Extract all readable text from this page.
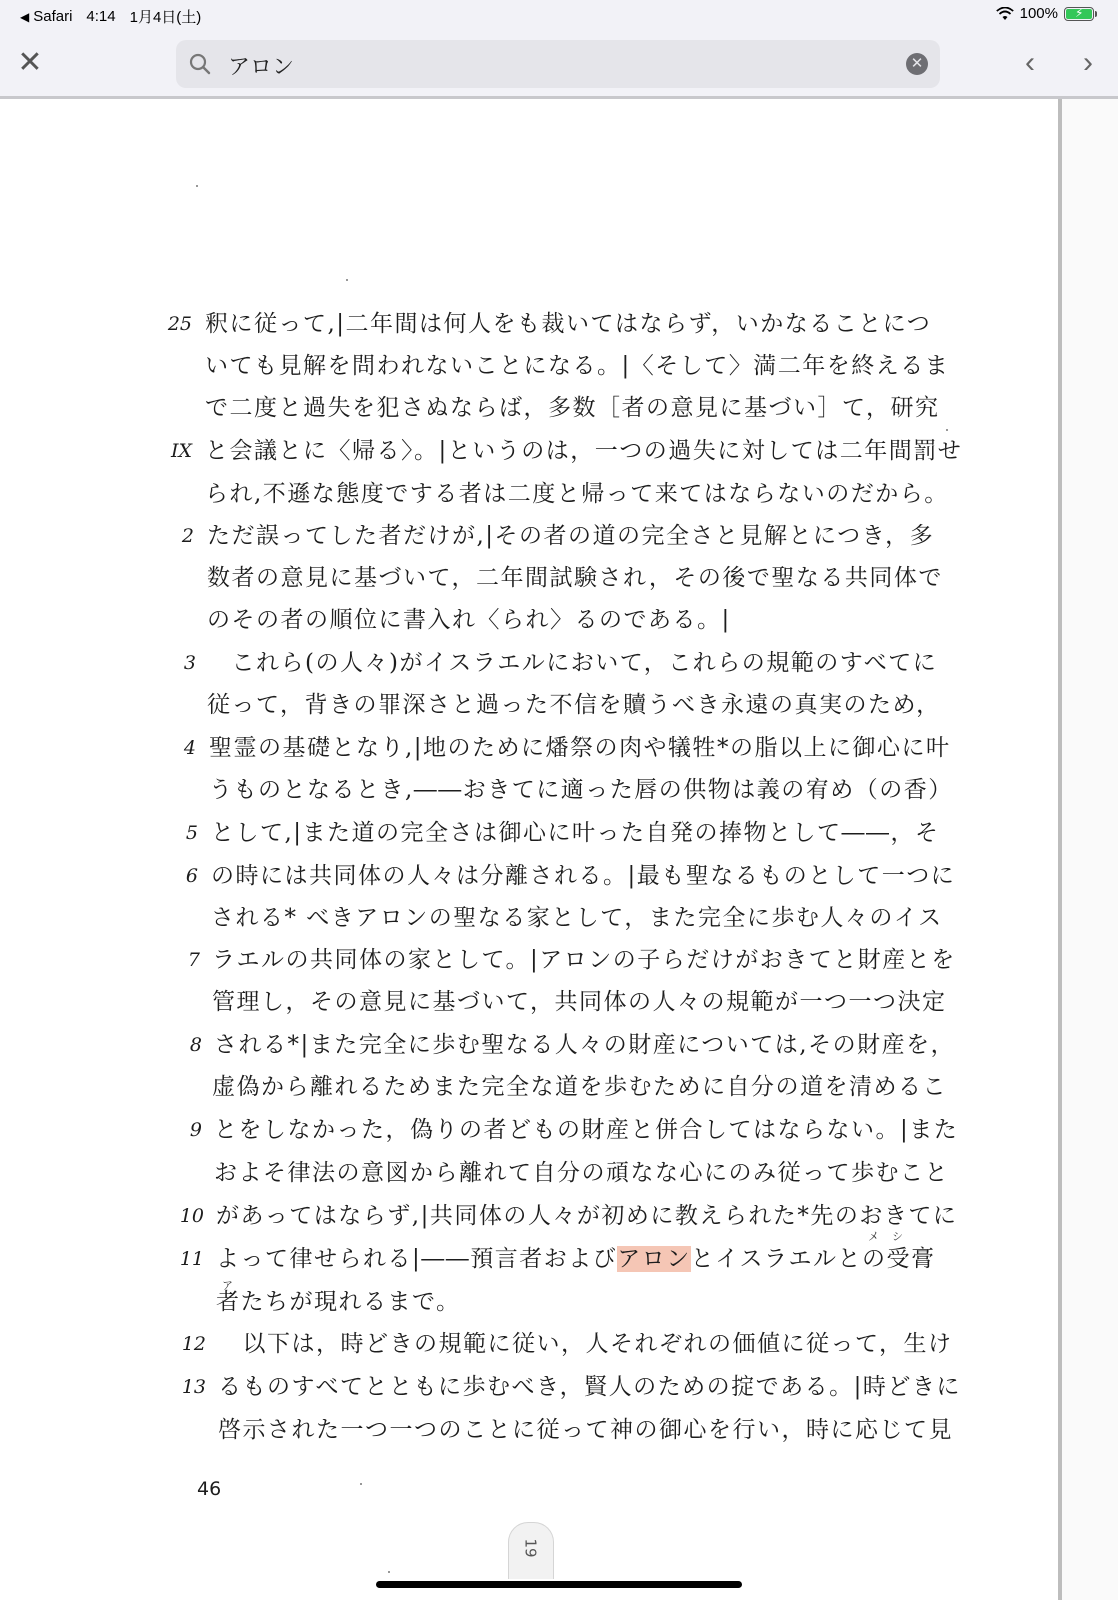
◀ Safari 4:14 1月4日(土)	100% ⚡
✕
アロン	✕	‹	›
25 釈に従って,|二年間は何人をも裁いてはならず，いかなることにつ
いても見解を問われないことになる。|〈そして〉満二年を終えるま
で二度と過失を犯さぬならば，多数［者の意見に基づい］て，研究
IX と会議とに〈帰る〉。|というのは，一つの過失に対しては二年間罰せ
られ,不遜な態度でする者は二度と帰って来てはならないのだから。
2 ただ誤ってした者だけが,|その者の道の完全さと見解とにつき，多
数者の意見に基づいて，二年間試験され，その後で聖なる共同体で
のその者の順位に書入れ〈られ〉るのである。|
3 　これら(の人々)がイスラエルにおいて，これらの規範のすべてに
従って，背きの罪深さと過った不信を贖うべき永遠の真実のため，
4 聖霊の基礎となり,|地のために燔祭の肉や犠牲*の脂以上に御心に叶
うものとなるとき,――おきてに適った唇の供物は義の宥め（の香）
5 として,|また道の完全さは御心に叶った自発の捧物として――，そ
6 の時には共同体の人々は分離される。|最も聖なるものとして一つに
される* べきアロンの聖なる家として，また完全に歩む人々のイス
7 ラエルの共同体の家として。|アロンの子らだけがおきてと財産とを
管理し，その意見に基づいて，共同体の人々の規範が一つ一つ決定
8 される*|また完全に歩む聖なる人々の財産については,その財産を，
虚偽から離れるためまた完全な道を歩むために自分の道を清めるこ
9 とをしなかった，偽りの者どもの財産と併合してはならない。|また
およそ律法の意図から離れて自分の頑なな心にのみ従って歩むこと
10 があってはならず,|共同体の人々が初めに教えられた*先のおきてに
11 よって律せられる|――預言者およびアロンとイスラエルとの受膏
メ シ
ア
者たちが現れるまで。
12 　以下は，時どきの規範に従い，人それぞれの価値に従って，生け
13 るものすべてとともに歩むべき，賢人のための掟である。|時どきに
啓示された一つ一つのことに従って神の御心を行い，時に応じて見
46
19
